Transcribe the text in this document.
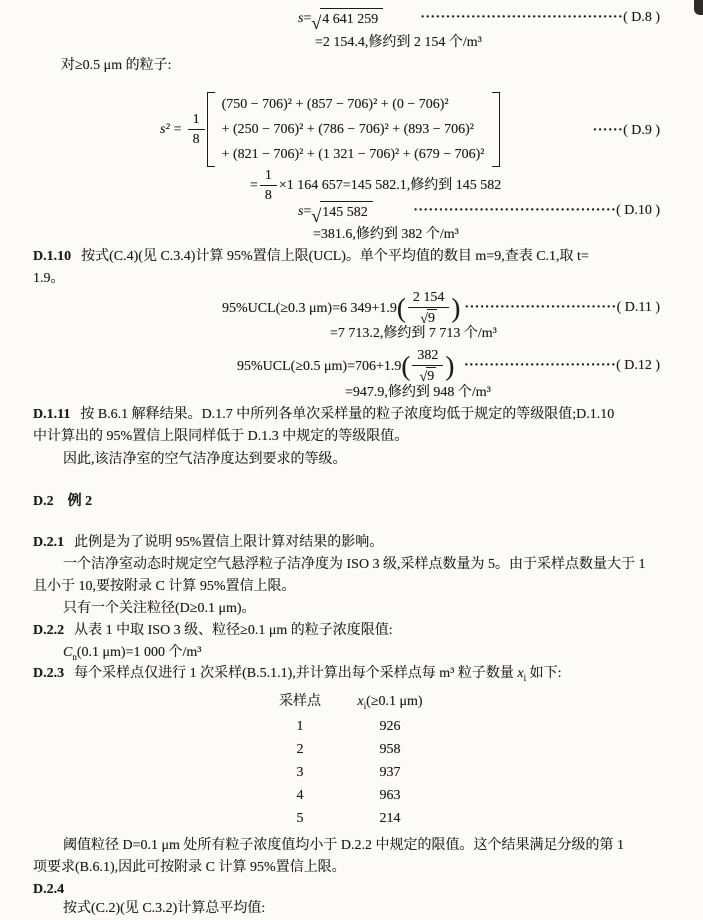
s = √ 4 641 259	········································( D.8 )
=2 154.4,修约到 2 154 个/m³
对≥0.5 μm 的粒子:
$s^2 = \frac{1}{8}$
(750 − 706)² + (857 − 706)² + (0 − 706)²
+ (250 − 706)² + (786 − 706)² + (893 − 706)²
+ (821 − 706)² + (1 321 − 706)² + (679 − 706)²
······( D.9 )
= $\frac{1}{8} \times 1$ 164 657=145 582.1,修约到 145 582
s = √ 145 582	········································( D.10 )
=381.6,修约到 382 个/m³
D.1.10 按式(C.4)(见 C.3.4)计算 95%置信上限(UCL)。单个平均值的数目 m=9,查表 C.1,取 t=
1.9。
95%UCL(≥0.3 μm)=6 349+1.9 ( $\frac{2 154}{√ 9}$ ) ······························( D.11 )
=7 713.2,修约到 7 713 个/m³
95%UCL(≥0.5 μm)=706+1.9 ( $\frac{382}{√ 9}$ ) ······························( D.12 )
=947.9,修约到 948 个/m³
D.1.11 按 B.6.1 解释结果。D.1.7 中所列各单次采样量的粒子浓度均低于规定的等级限值;D.1.10
中计算出的 95%置信上限同样低于 D.1.3 中规定的等级限值。
因此,该洁净室的空气洁净度达到要求的等级。
D.2 例 2
D.2.1 此例是为了说明 95%置信上限计算对结果的影响。
一个洁净室动态时规定空气悬浮粒子洁净度为 ISO 3 级,采样点数量为 5。由于采样点数量大于 1
且小于 10,要按附录 C 计算 95%置信上限。
只有一个关注粒径(D≥0.1 μm)。
D.2.2 从表 1 中取 ISO 3 级、粒径≥0.1 μm 的粒子浓度限值:
$C_n(0.1$ μm)=1 000 个/m³
D.2.3 每个采样点仅进行 1 次采样(B.5.1.1),并计算出每个采样点每 m³ 粒子数量 $x_i$ 如下:
采样点	$x_i(\ge 0.1$ μm)
1	926
2	958
3	937
4	963
5	214
阈值粒径 D=0.1 μm 处所有粒子浓度值均小于 D.2.2 中规定的限值。这个结果满足分级的第 1
项要求(B.6.1),因此可按附录 C 计算 95%置信上限。
D.2.4
按式(C.2)(见 C.3.2)计算总平均值:
